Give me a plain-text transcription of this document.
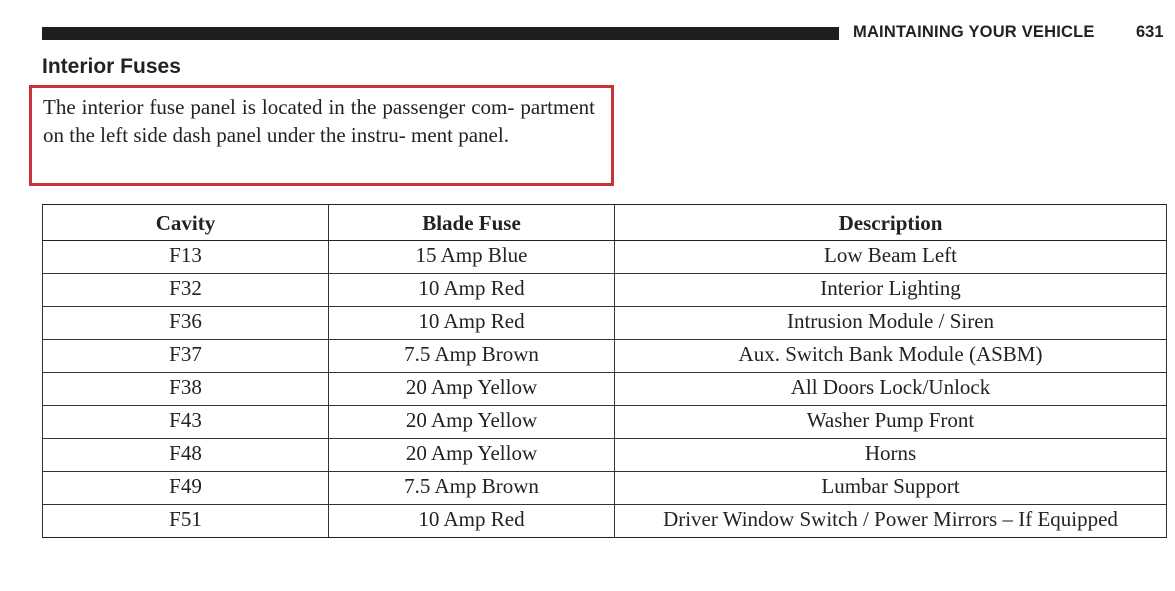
MAINTAINING YOUR VEHICLE	631
Interior Fuses
The interior fuse panel is located in the passenger com- partment on the left side dash panel under the instru- ment panel.
Cavity	Blade Fuse	Description
F13	15 Amp Blue	Low Beam Left
F32	10 Amp Red	Interior Lighting
F36	10 Amp Red	Intrusion Module / Siren
F37	7.5 Amp Brown	Aux. Switch Bank Module (ASBM)
F38	20 Amp Yellow	All Doors Lock/Unlock
F43	20 Amp Yellow	Washer Pump Front
F48	20 Amp Yellow	Horns
F49	7.5 Amp Brown	Lumbar Support
F51	10 Amp Red	Driver Window Switch / Power Mirrors – If Equipped
